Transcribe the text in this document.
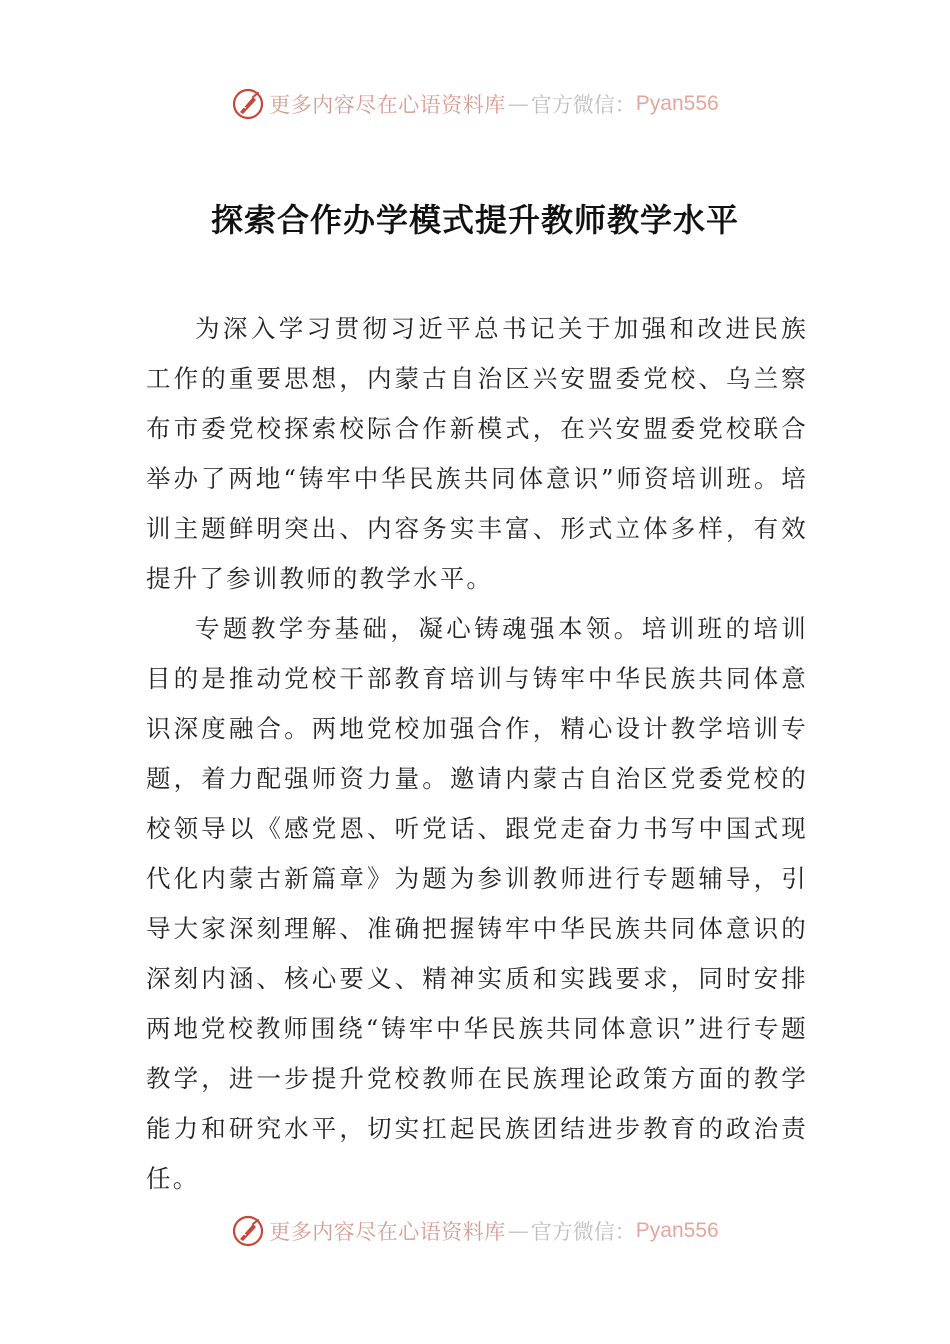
更多内容尽在心语资料库 — 官方微信： Pyan556
探索合作办学模式提升教师教学水平

为深入学习贯彻习近平总书记关于加强和改进民族工作的重要思想，内蒙古自治区兴安盟委党校、乌兰察布市委党校探索校际合作新模式，在兴安盟委党校联合举办了两地“铸牢中华民族共同体意识”师资培训班。培训主题鲜明突出、内容务实丰富、形式立体多样，有效提升了参训教师的教学水平。

专题教学夯基础，凝心铸魂强本领。培训班的培训目的是推动党校干部教育培训与铸牢中华民族共同体意识深度融合。两地党校加强合作，精心设计教学培训专题，着力配强师资力量。邀请内蒙古自治区党委党校的校领导以《感党恩、听党话、跟党走奋力书写中国式现代化内蒙古新篇章》为题为参训教师进行专题辅导，引导大家深刻理解、准确把握铸牢中华民族共同体意识的深刻内涵、核心要义、精神实质和实践要求，同时安排两地党校教师围绕“铸牢中华民族共同体意识”进行专题教学，进一步提升党校教师在民族理论政策方面的教学能力和研究水平，切实扛起民族团结进步教育的政治责任。

更多内容尽在心语资料库 — 官方微信： Pyan556
